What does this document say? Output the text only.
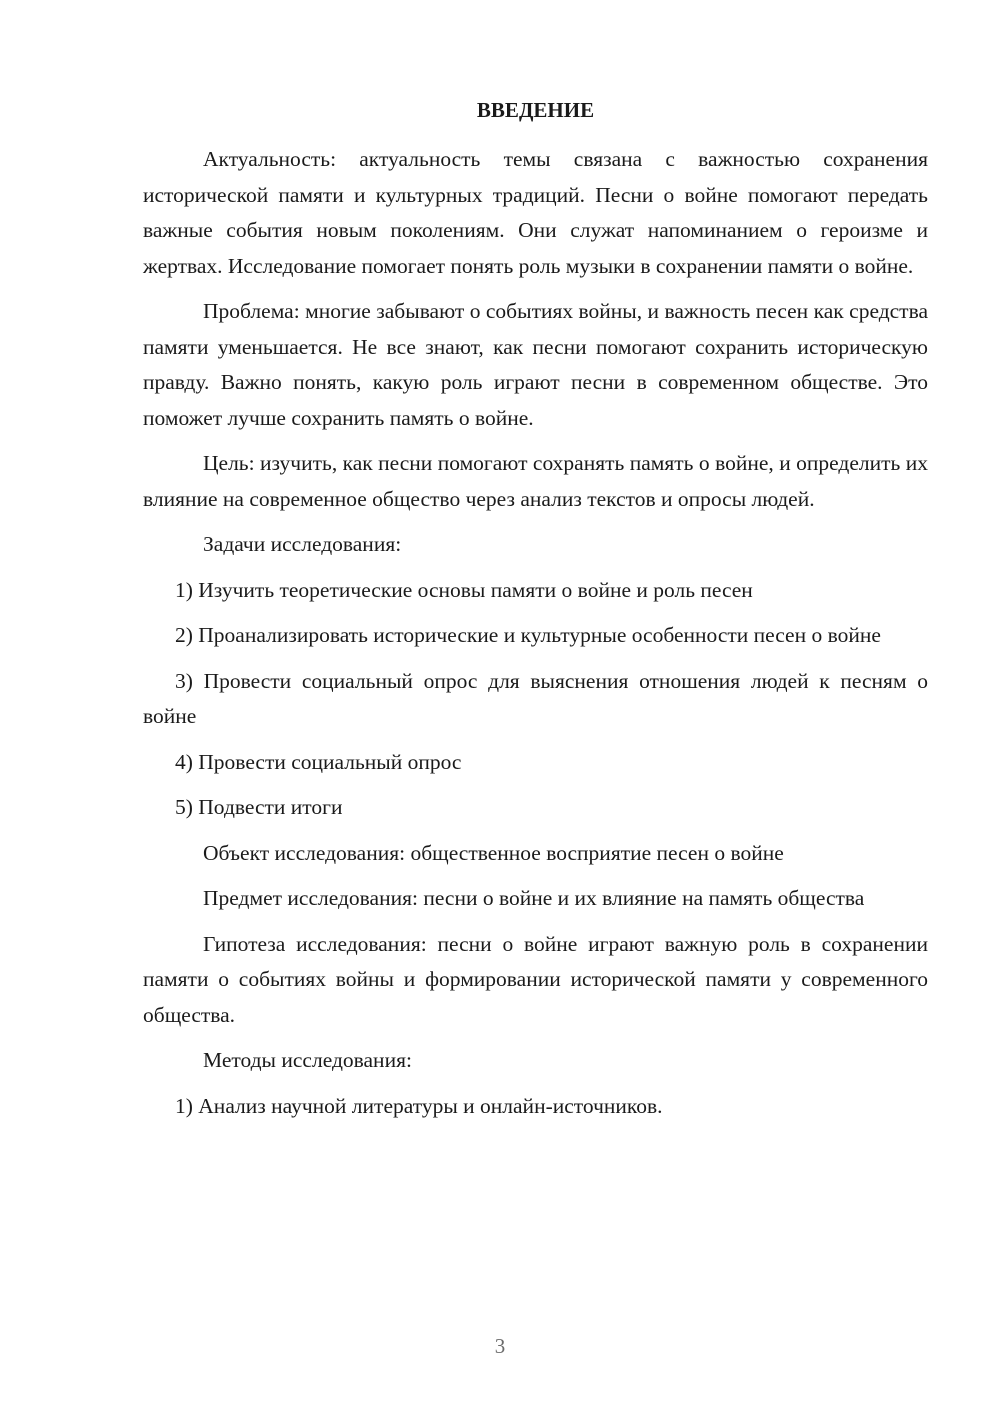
ВВЕДЕНИЕ

Актуальность: актуальность темы связана с важностью сохранения исторической памяти и культурных традиций. Песни о войне помогают передать важные события новым поколениям. Они служат напоминанием о героизме и жертвах. Исследование помогает понять роль музыки в сохранении памяти о войне.

Проблема: многие забывают о событиях войны, и важность песен как средства памяти уменьшается. Не все знают, как песни помогают сохранить историческую правду. Важно понять, какую роль играют песни в современном обществе. Это поможет лучше сохранить память о войне.

Цель: изучить, как песни помогают сохранять память о войне, и определить их влияние на современное общество через анализ текстов и опросы людей.

Задачи исследования:

1) Изучить теоретические основы памяти о войне и роль песен

2) Проанализировать исторические и культурные особенности песен о войне

3) Провести социальный опрос для выяснения отношения людей к песням о войне

4) Провести социальный опрос

5) Подвести итоги

Объект исследования: общественное восприятие песен о войне

Предмет исследования: песни о войне и их влияние на память общества

Гипотеза исследования: песни о войне играют важную роль в сохранении памяти о событиях войны и формировании исторической памяти у современного общества.

Методы исследования:

1) Анализ научной литературы и онлайн-источников.

3
